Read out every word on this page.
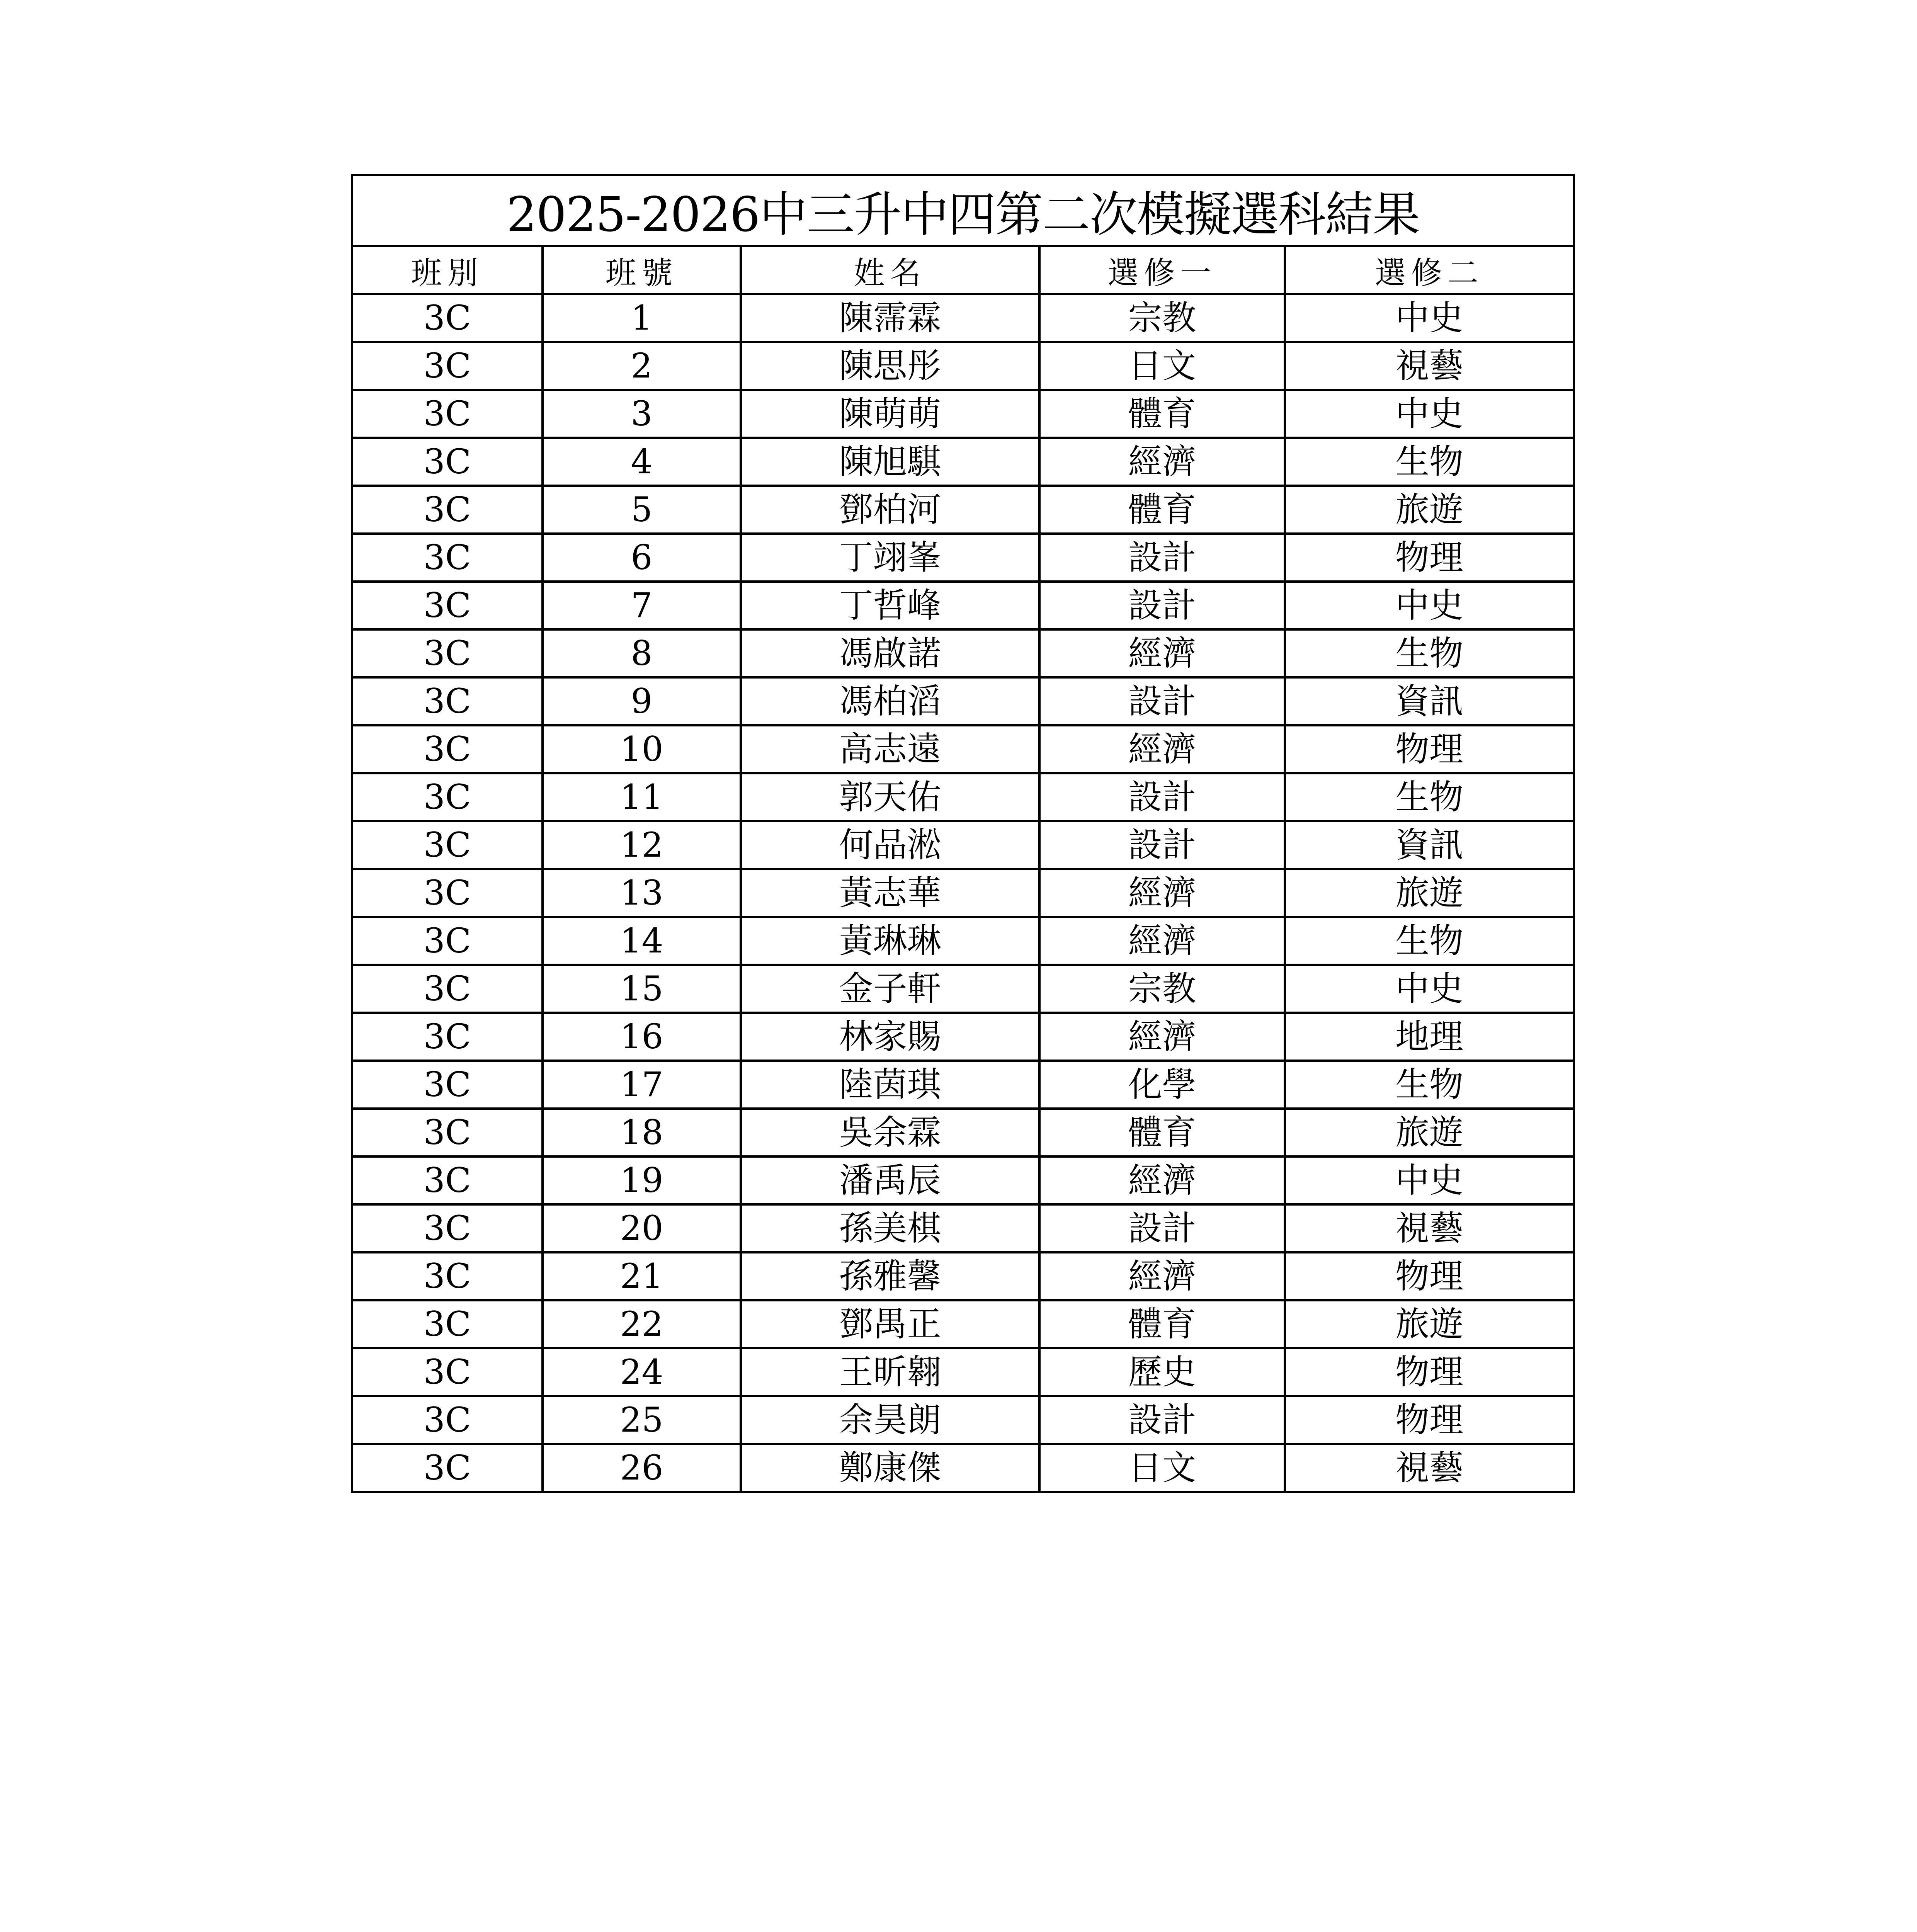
2025-2026中三升中四第二次模擬選科結果				
班別	班號	姓名	選修一	選修二
3C	1	陳霈霖	宗教	中史
3C	2	陳思彤	日文	視藝
3C	3	陳萌萌	體育	中史
3C	4	陳旭騏	經濟	生物
3C	5	鄧柏河	體育	旅遊
3C	6	丁翊峯	設計	物理
3C	7	丁哲峰	設計	中史
3C	8	馮啟諾	經濟	生物
3C	9	馮柏滔	設計	資訊
3C	10	高志遠	經濟	物理
3C	11	郭天佑	設計	生物
3C	12	何品淞	設計	資訊
3C	13	黃志華	經濟	旅遊
3C	14	黃琳琳	經濟	生物
3C	15	金子軒	宗教	中史
3C	16	林家賜	經濟	地理
3C	17	陸茵琪	化學	生物
3C	18	吳余霖	體育	旅遊
3C	19	潘禹辰	經濟	中史
3C	20	孫美棋	設計	視藝
3C	21	孫雅馨	經濟	物理
3C	22	鄧禺正	體育	旅遊
3C	24	王昕翱	歷史	物理
3C	25	余昊朗	設計	物理
3C	26	鄭康傑	日文	視藝
